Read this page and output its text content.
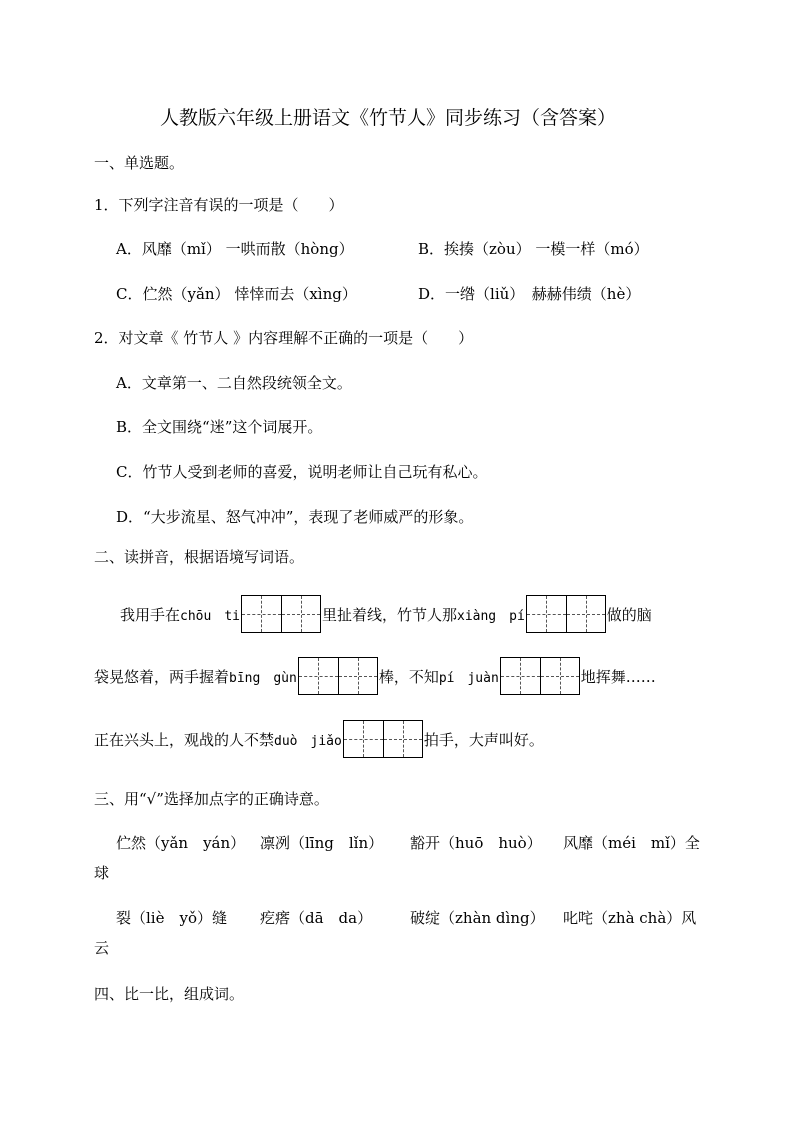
人教版六年级上册语文《竹节人》同步练习（含答案）
一、单选题。
1．下列字注音有误的一项是（　　）
A．风靡（mǐ） 一哄而散（hòng）	B．挨揍（zòu） 一模一样（mó）
C．伫然（yǎn） 悻悻而去（xìng）	D．一绺（liǔ）　赫赫伟绩（hè）
2．对文章《 竹节人 》内容理解不正确的一项是（　　）
A．文章第一、二自然段统领全文。
B．全文围绕“迷”这个词展开。
C．竹节人受到老师的喜爱，说明老师让自己玩有私心。
D．“大步流星、怒气冲冲”，表现了老师威严的形象。
二、读拼音，根据语境写词语。
我用手在 chōu　ti	里扯着线，竹节人那 xiàng　pí	做的脑
袋晃悠着，两手握着 bīng　gùn	棒，不知 pí　juàn	地挥舞……
正在兴头上，观战的人不禁 duò　jiǎo	拍手，大声叫好。
三、用“√”选择加点字的正确诗意。
伫然（yǎn　yán） 凛冽（līng　lǐn） 豁开（huō　huò） 风靡（méi　mǐ）全
球
裂（liè　yǒ）缝 疙瘩（dā　da）	破绽（zhàn dìng） 叱咤（zhà chà）风
云
四、比一比，组成词。
